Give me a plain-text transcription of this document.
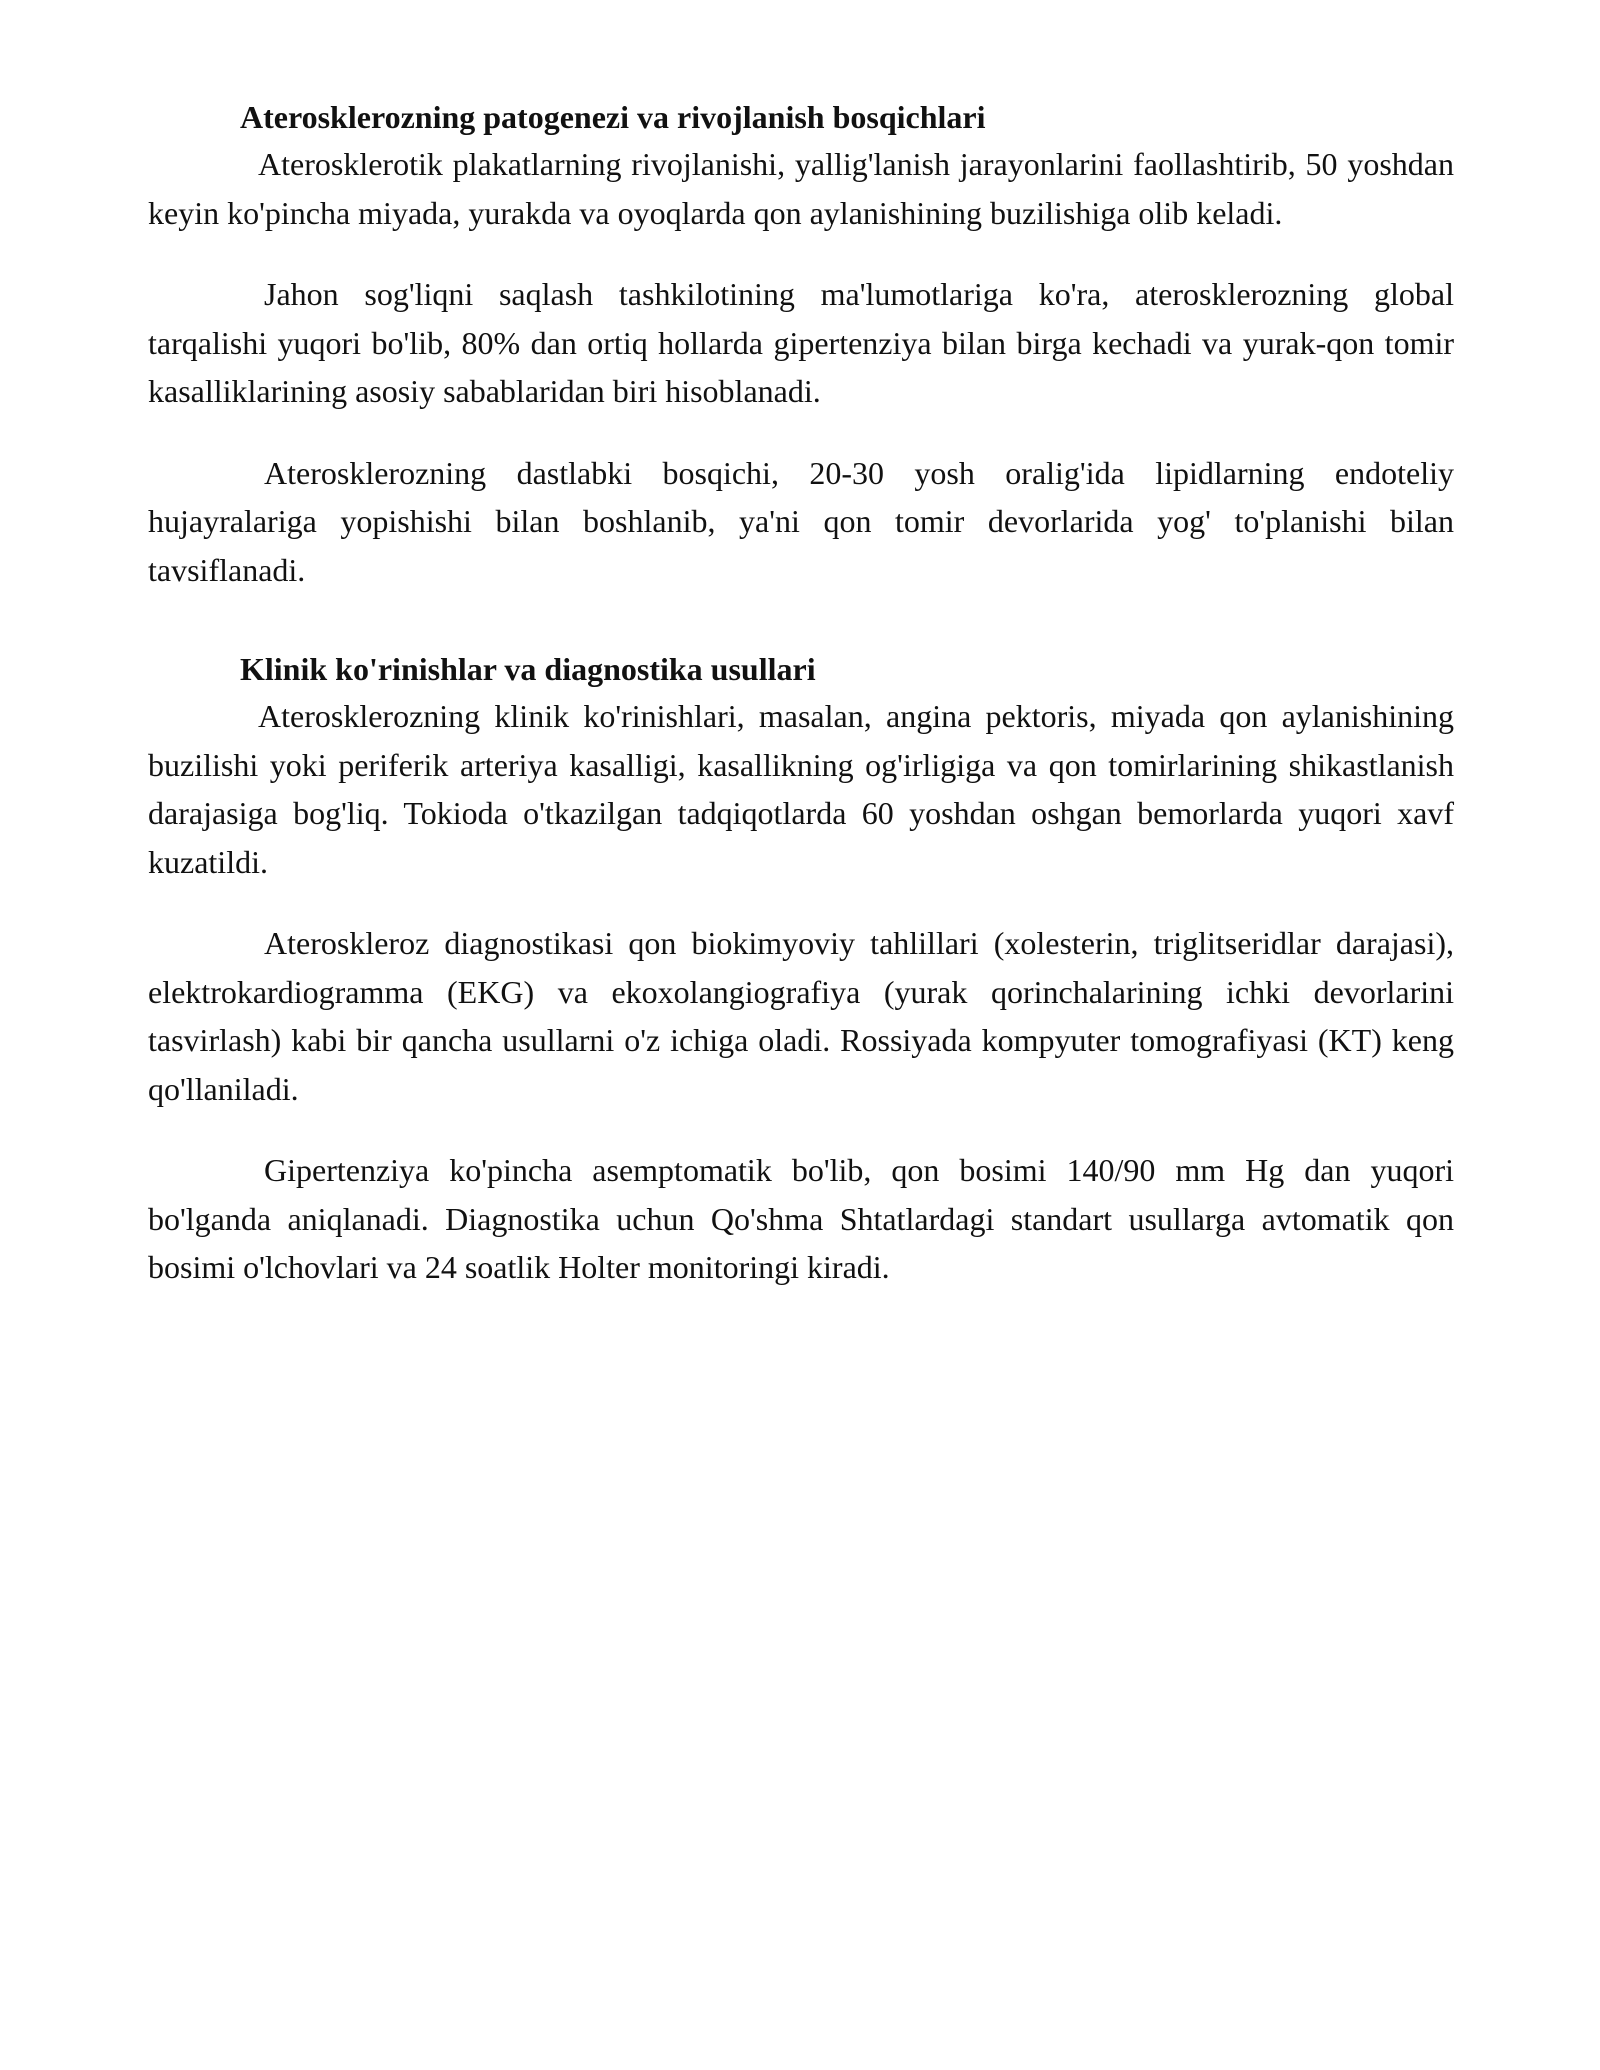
Aterosklerozning patogenezi va rivojlanish bosqichlari

Aterosklerotik plakatlarning rivojlanishi, yallig'lanish jarayonlarini faollashtirib, 50 yoshdan keyin ko'pincha miyada, yurakda va oyoqlarda qon aylanishining buzilishiga olib keladi.

Jahon sog'liqni saqlash tashkilotining ma'lumotlariga ko'ra, aterosklerozning global tarqalishi yuqori bo'lib, 80% dan ortiq hollarda gipertenziya bilan birga kechadi va yurak-qon tomir kasalliklarining asosiy sabablaridan biri hisoblanadi.

Aterosklerozning dastlabki bosqichi, 20-30 yosh oralig'ida lipidlarning endoteliy hujayralariga yopishishi bilan boshlanib, ya'ni qon tomir devorlarida yog' to'planishi bilan tavsiflanadi.

Klinik ko'rinishlar va diagnostika usullari

Aterosklerozning klinik ko'rinishlari, masalan, angina pektoris, miyada qon aylanishining buzilishi yoki periferik arteriya kasalligi, kasallikning og'irligiga va qon tomirlarining shikastlanish darajasiga bog'liq. Tokioda o'tkazilgan tadqiqotlarda 60 yoshdan oshgan bemorlarda yuqori xavf kuzatildi.

Ateroskleroz diagnostikasi qon biokimyoviy tahlillari (xolesterin, triglitseridlar darajasi), elektrokardiogramma (EKG) va ekoxolangiografiya (yurak qorinchalarining ichki devorlarini tasvirlash) kabi bir qancha usullarni o'z ichiga oladi. Rossiyada kompyuter tomografiyasi (KT) keng qo'llaniladi.

Gipertenziya ko'pincha asemptomatik bo'lib, qon bosimi 140/90 mm Hg dan yuqori bo'lganda aniqlanadi. Diagnostika uchun Qo'shma Shtatlardagi standart usullarga avtomatik qon bosimi o'lchovlari va 24 soatlik Holter monitoringi kiradi.
